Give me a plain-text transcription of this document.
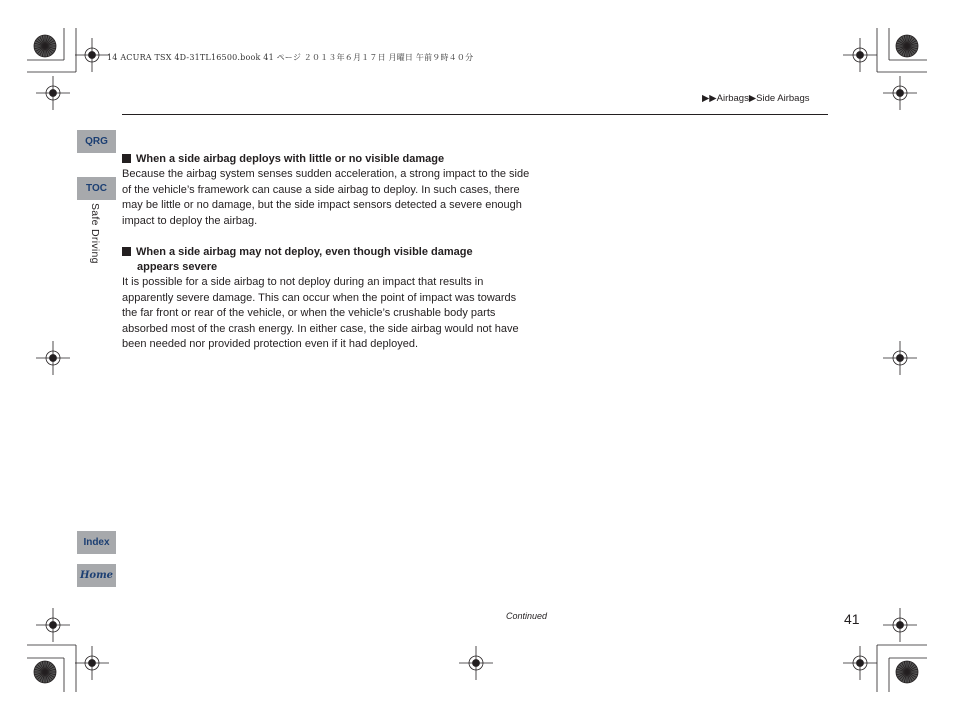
14 ACURA TSX 4D-31TL16500.book 41 ページ ２０１３年６月１７日 月曜日 午前９時４０分
▶▶Airbags▶Side Airbags
QRG
TOC
Safe Driving
Index
Home
When a side airbag deploys with little or no visible damage
Because the airbag system senses sudden acceleration, a strong impact to the side
of the vehicle’s framework can cause a side airbag to deploy. In such cases, there
may be little or no damage, but the side impact sensors detected a severe enough
impact to deploy the airbag.
When a side airbag may not deploy, even though visible damage
appears severe
It is possible for a side airbag to not deploy during an impact that results in
apparently severe damage. This can occur when the point of impact was towards
the far front or rear of the vehicle, or when the vehicle’s crushable body parts
absorbed most of the crash energy. In either case, the side airbag would not have
been needed nor provided protection even if it had deployed.
Continued	41
